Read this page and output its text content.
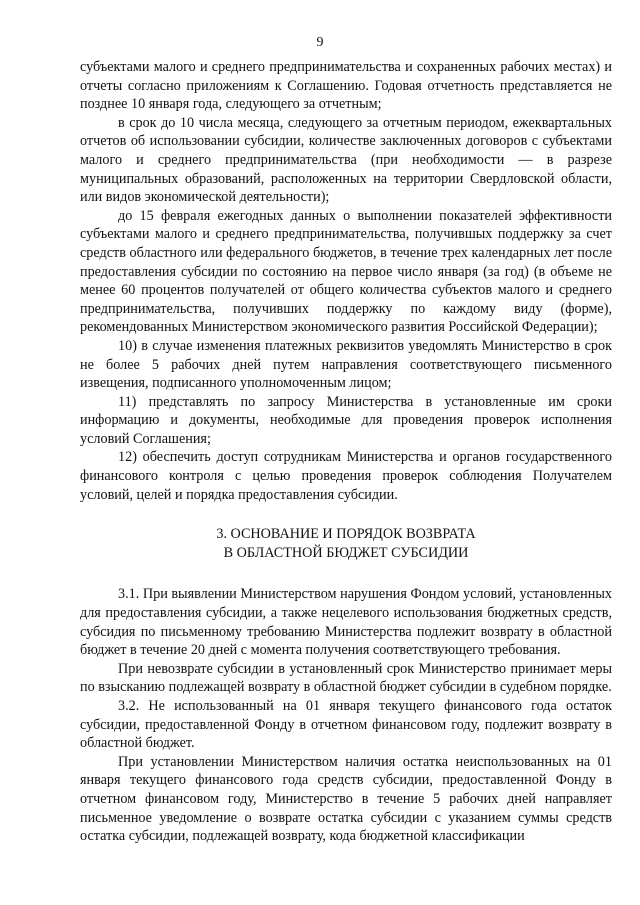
9

субъектами малого и среднего предпринимательства и сохраненных рабочих местах) и отчеты согласно приложениям к Соглашению. Годовая отчетность представляется не позднее 10 января года, следующего за отчетным;

в срок до 10 числа месяца, следующего за отчетным периодом, ежеквартальных отчетов об использовании субсидии, количестве заключенных договоров с субъектами малого и среднего предпринимательства (при необходимости — в разрезе муниципальных образований, расположенных на территории Свердловской области, или видов экономической деятельности);

до 15 февраля ежегодных данных о выполнении показателей эффективности субъектами малого и среднего предпринимательства, получившых поддержку за счет средств областного или федерального бюджетов, в течение трех календарных лет после предоставления субсидии по состоянию на первое число января (за год) (в объеме не менее 60 процентов получателей от общего количества субъектов малого и среднего предпринимательства, получивших поддержку по каждому виду (форме), рекомендованных Министерством экономического развития Российской Федерации);

10) в случае изменения платежных реквизитов уведомлять Министерство в срок не более 5 рабочих дней путем направления соответствующего письменного извещения, подписанного уполномоченным лицом;

11) представлять по запросу Министерства в установленные им сроки информацию и документы, необходимые для проведения проверок исполнения условий Соглашения;

12) обеспечить доступ сотрудникам Министерства и органов государственного финансового контроля с целью проведения проверок соблюдения Получателем условий, целей и порядка предоставления субсидии.

3. ОСНОВАНИЕ И ПОРЯДОК ВОЗВРАТА
В ОБЛАСТНОЙ БЮДЖЕТ СУБСИДИИ

3.1. При выявлении Министерством нарушения Фондом условий, установленных для предоставления субсидии, а также нецелевого использования бюджетных средств, субсидия по письменному требованию Министерства подлежит возврату в областной бюджет в течение 20 дней с момента получения соответствующего требования.

При невозврате субсидии в установленный срок Министерство принимает меры по взысканию подлежащей возврату в областной бюджет субсидии в судебном порядке.

3.2. Не использованный на 01 января текущего финансового года остаток субсидии, предоставленной Фонду в отчетном финансовом году, подлежит возврату в областной бюджет.

При установлении Министерством наличия остатка неиспользованных на 01 января текущего финансового года средств субсидии, предоставленной Фонду в отчетном финансовом году, Министерство в течение 5 рабочих дней направляет письменное уведомление о возврате остатка субсидии с указанием суммы средств остатка субсидии, подлежащей возврату, кода бюджетной классификации
